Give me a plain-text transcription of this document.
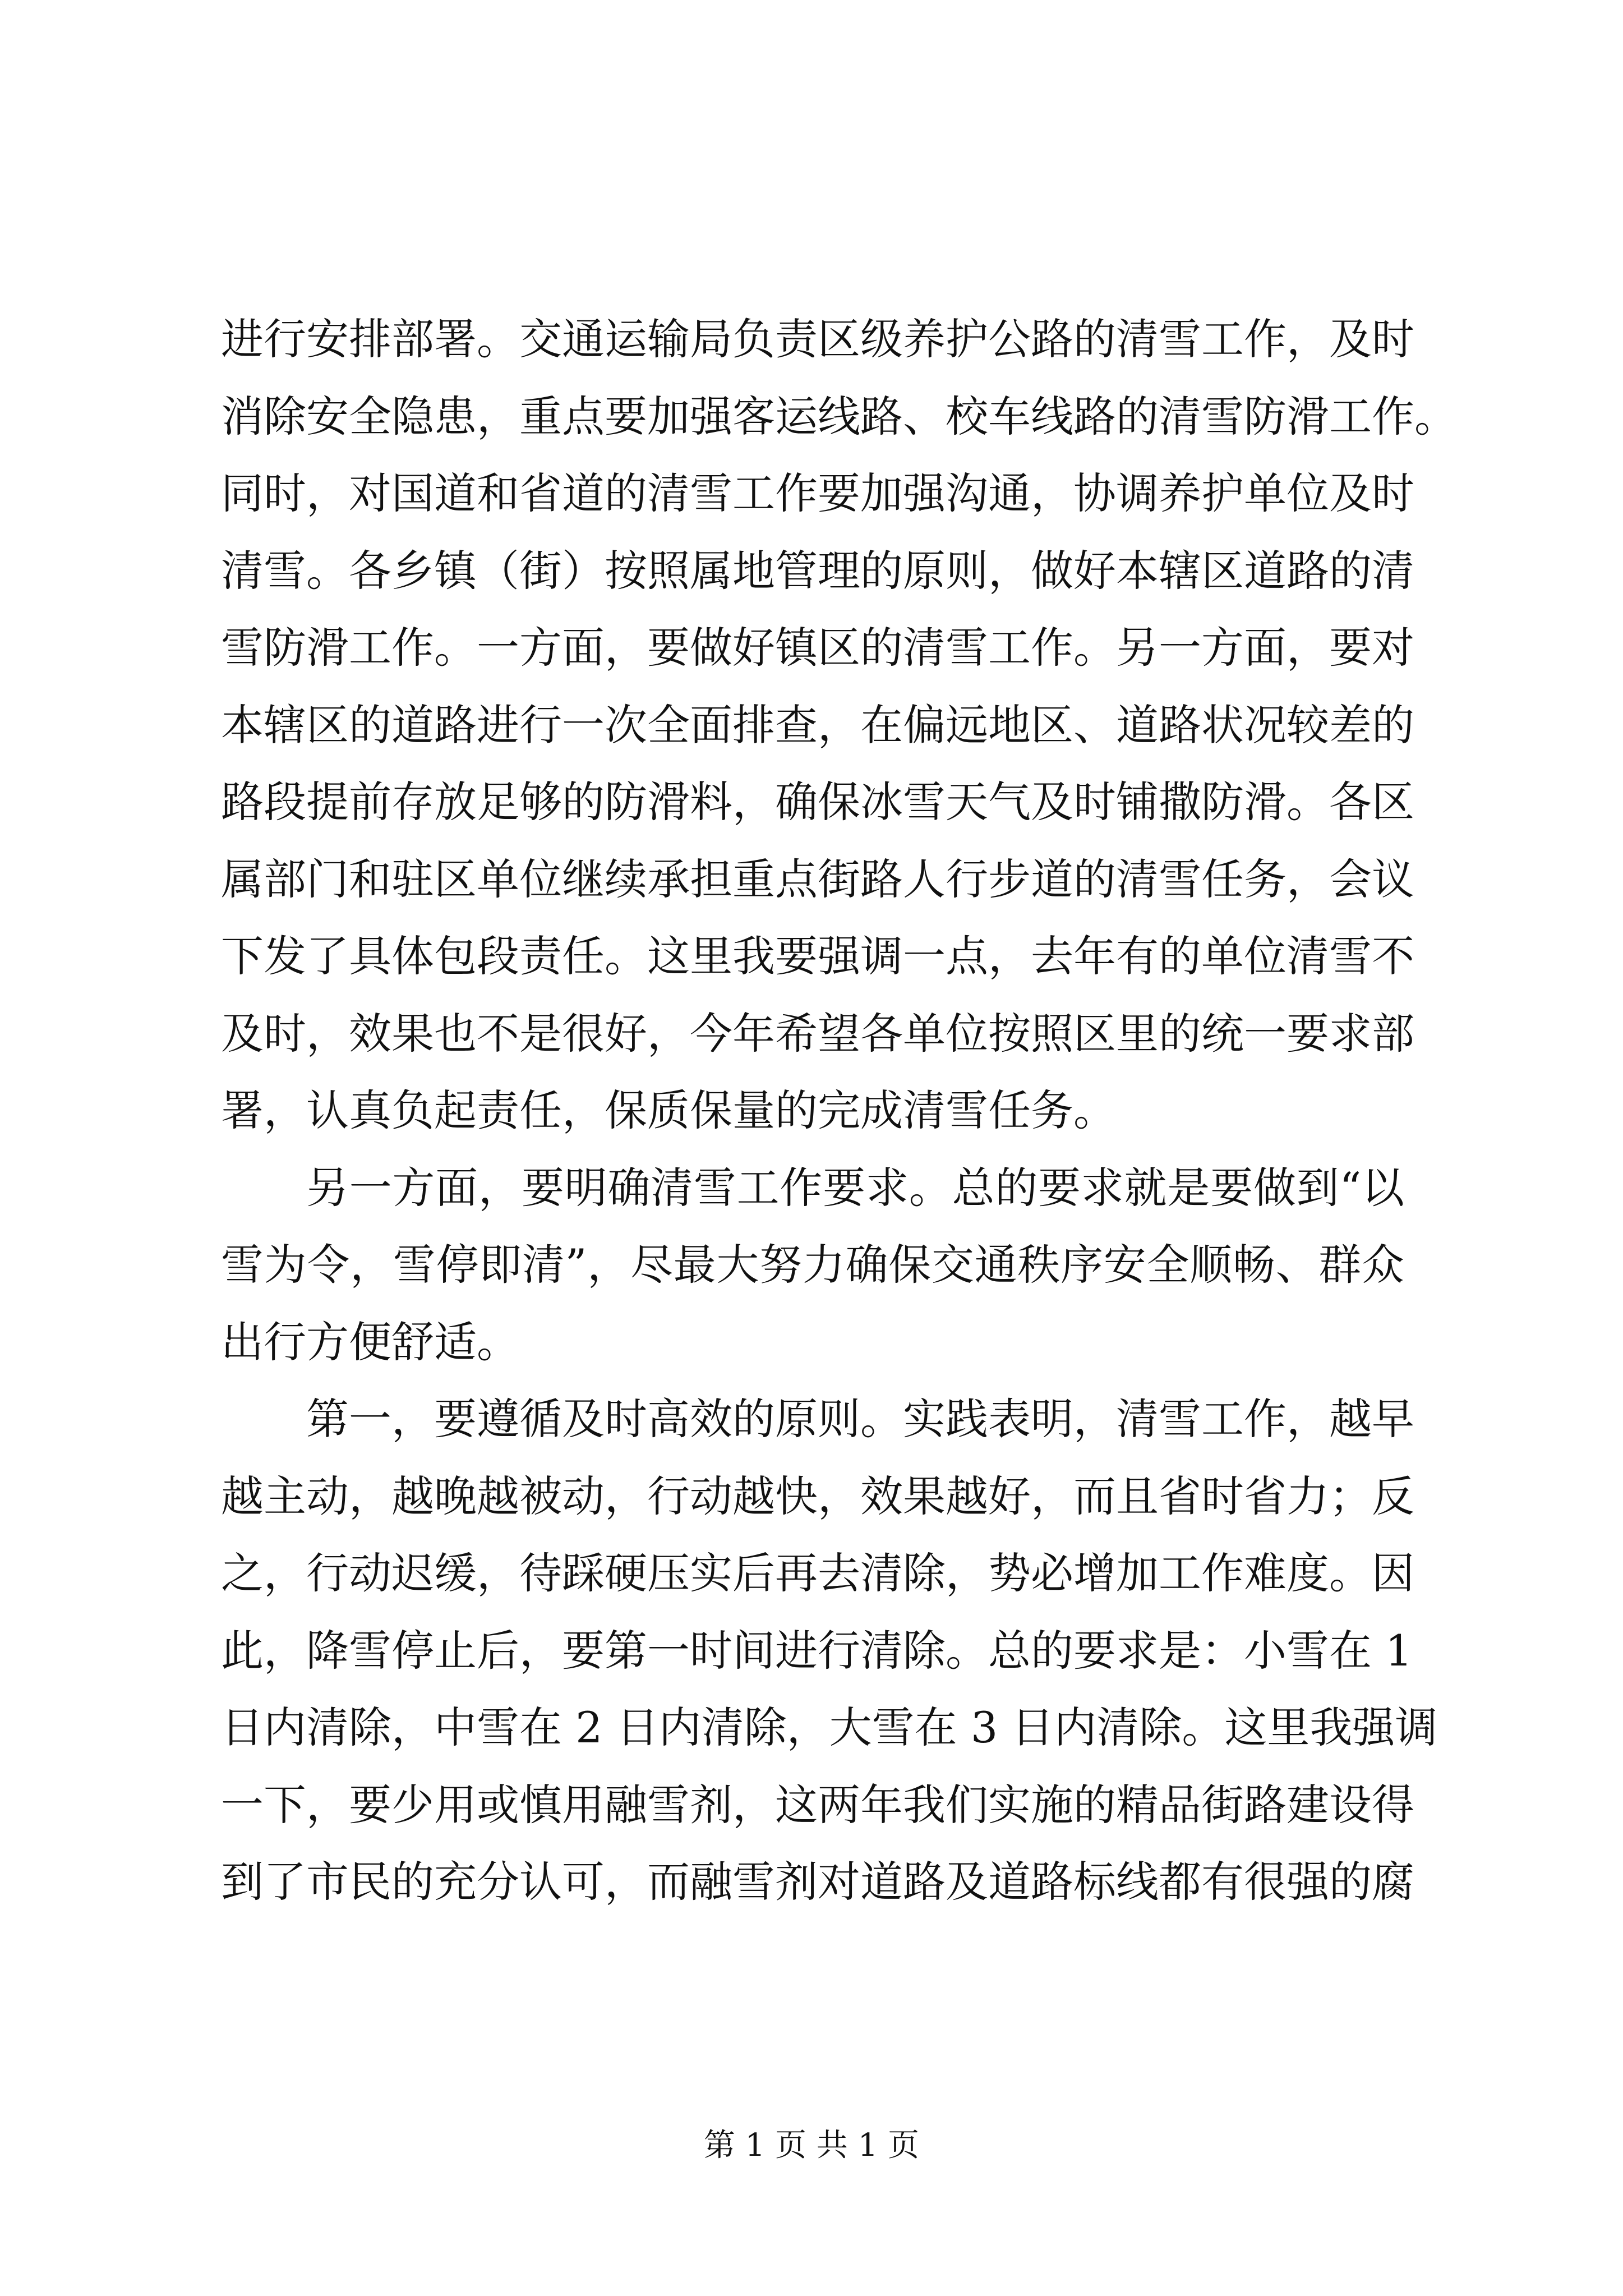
进行安排部署。交通运输局负责区级养护公路的清雪工作，及时
消除安全隐患，重点要加强客运线路、校车线路的清雪防滑工作。
同时，对国道和省道的清雪工作要加强沟通，协调养护单位及时
清雪。各乡镇（街）按照属地管理的原则，做好本辖区道路的清
雪防滑工作。一方面，要做好镇区的清雪工作。另一方面，要对
本辖区的道路进行一次全面排查，在偏远地区、道路状况较差的
路段提前存放足够的防滑料，确保冰雪天气及时铺撒防滑。各区
属部门和驻区单位继续承担重点街路人行步道的清雪任务，会议
下发了具体包段责任。这里我要强调一点，去年有的单位清雪不
及时，效果也不是很好，今年希望各单位按照区里的统一要求部
署，认真负起责任，保质保量的完成清雪任务。
另一方面，要明确清雪工作要求。总的要求就是要做到“以
雪为令，雪停即清”，尽最大努力确保交通秩序安全顺畅、群众
出行方便舒适。
第一，要遵循及时高效的原则。实践表明，清雪工作，越早
越主动，越晚越被动，行动越快，效果越好，而且省时省力；反
之，行动迟缓，待踩硬压实后再去清除，势必增加工作难度。因
此，降雪停止后，要第一时间进行清除。总的要求是：小雪在 1
日内清除，中雪在 2 日内清除，大雪在 3 日内清除。这里我强调
一下，要少用或慎用融雪剂，这两年我们实施的精品街路建设得
到了市民的充分认可，而融雪剂对道路及道路标线都有很强的腐
第 1 页 共 1 页
